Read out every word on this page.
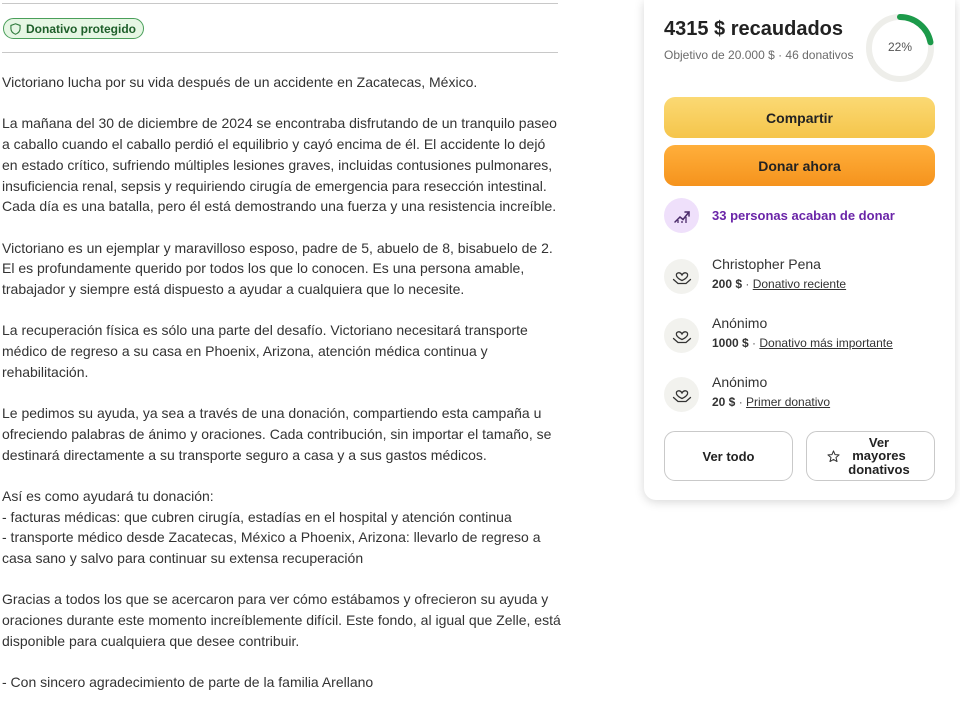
Donativo protegido

Victoriano lucha por su vida después de un accidente en Zacatecas, México.

La mañana del 30 de diciembre de 2024 se encontraba disfrutando de un tranquilo paseo a caballo cuando el caballo perdió el equilibrio y cayó encima de él. El accidente lo dejó en estado crítico, sufriendo múltiples lesiones graves, incluidas contusiones pulmonares, insuficiencia renal, sepsis y requiriendo cirugía de emergencia para resección intestinal. Cada día es una batalla, pero él está demostrando una fuerza y una resistencia increíble.

Victoriano es un ejemplar y maravilloso esposo, padre de 5, abuelo de 8, bisabuelo de 2. El es profundamente querido por todos los que lo conocen. Es una persona amable, trabajador y siempre está dispuesto a ayudar a cualquiera que lo necesite.

La recuperación física es sólo una parte del desafío. Victoriano necesitará transporte médico de regreso a su casa en Phoenix, Arizona, atención médica continua y rehabilitación.

Le pedimos su ayuda, ya sea a través de una donación, compartiendo esta campaña u ofreciendo palabras de ánimo y oraciones. Cada contribución, sin importar el tamaño, se destinará directamente a su transporte seguro a casa y a sus gastos médicos.

Así es como ayudará tu donación:
- facturas médicas: que cubren cirugía, estadías en el hospital y atención continua
- transporte médico desde Zacatecas, México a Phoenix, Arizona: llevarlo de regreso a casa sano y salvo para continuar su extensa recuperación

Gracias a todos los que se acercaron para ver cómo estábamos y ofrecieron su ayuda y oraciones durante este momento increíblemente difícil. Este fondo, al igual que Zelle, está disponible para cualquiera que desee contribuir.

- Con sincero agradecimiento de parte de la familia Arellano

4315 $ recaudados
Objetivo de 20.000 $ · 46 donativos
22%
Compartir
Donar ahora
33 personas acaban de donar
Christopher Pena
200 $ · Donativo reciente
Anónimo
1000 $ · Donativo más importante
Anónimo
20 $ · Primer donativo
Ver todo
Ver mayores donativos
